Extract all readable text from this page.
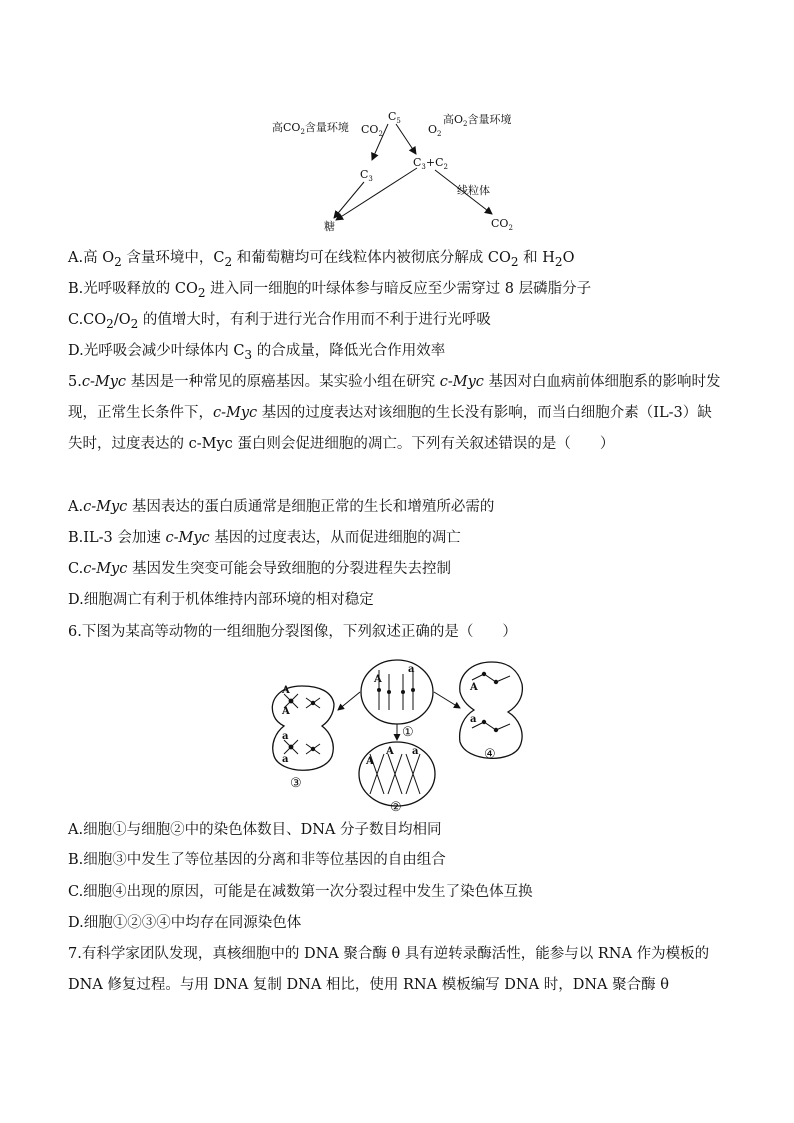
高$CO_2$含量环境 $CO_2$
$C_5$
$O_2$
高$O_2$含量环境
$C_3$
$C_3+C_2$
线粒体
糖	$CO_2$
A.高 $O_2$ 含量环境中，$C_2$ 和葡萄糖均可在线粒体内被彻底分解成 $CO_2$ 和 $H_2O$
B.光呼吸释放的 $CO_2$ 进入同一细胞的叶绿体参与暗反应至少需穿过 8 层磷脂分子
$C.CO_2/O_2$ 的值增大时，有利于进行光合作用而不利于进行光呼吸
D.光呼吸会减少叶绿体内 $C_3$ 的合成量，降低光合作用效率
5.c-Myc 基因是一种常见的原癌基因。某实验小组在研究 c-Myc 基因对白血病前体细胞系的影响时发现，正常生长条件下，c-Myc 基因的过度表达对该细胞的生长没有影响，而当白细胞介素（IL-3）缺失时，过度表达的 c-Myc 蛋白则会促进细胞的凋亡。下列有关叙述错误的是（　　）
A.c-Myc 基因表达的蛋白质通常是细胞正常的生长和增殖所必需的
B.IL-3 会加速 c-Myc 基因的过度表达，从而促进细胞的凋亡
C.c-Myc 基因发生突变可能会导致细胞的分裂进程失去控制
D.细胞凋亡有利于机体维持内部环境的相对稳定
6.下图为某高等动物的一组细胞分裂图像，下列叙述正确的是（　　）
A
A
a
a
A
a
A
A a
A
a
③
①
②
④
A.细胞①与细胞②中的染色体数目、DNA 分子数目均相同
B.细胞③中发生了等位基因的分离和非等位基因的自由组合
C.细胞④出现的原因，可能是在减数第一次分裂过程中发生了染色体互换
D.细胞①②③④中均存在同源染色体
7.有科学家团队发现，真核细胞中的 DNA 聚合酶 θ 具有逆转录酶活性，能参与以 RNA 作为模板的 DNA 修复过程。与用 DNA 复制 DNA 相比，使用 RNA 模板编写 DNA 时，DNA 聚合酶 θ
